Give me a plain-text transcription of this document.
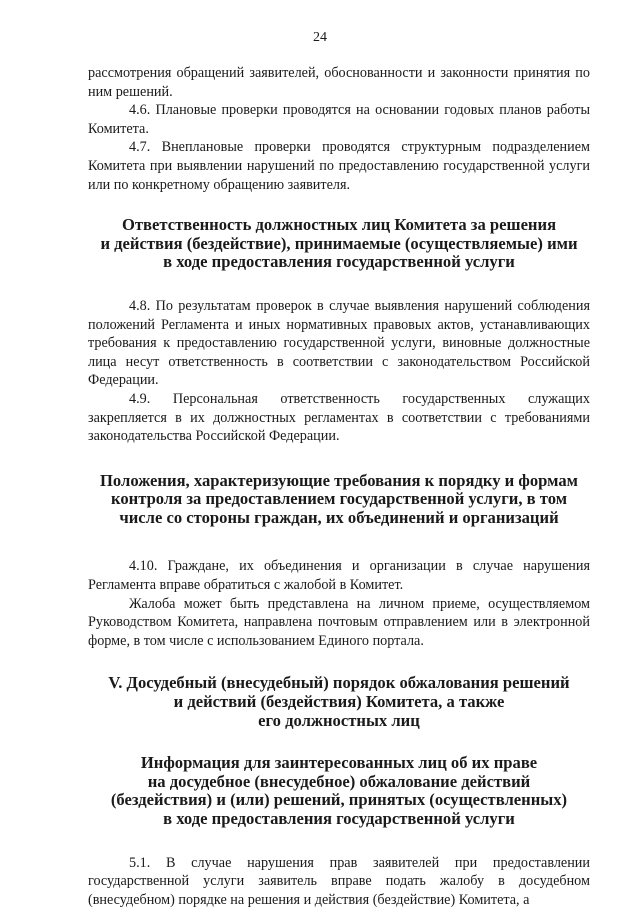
24

рассмотрения обращений заявителей, обоснованности и законности принятия по ним решений.

4.6. Плановые проверки проводятся на основании годовых планов работы Комитета.

4.7. Внеплановые проверки проводятся структурным подразделением Комитета при выявлении нарушений по предоставлению государственной услуги или по конкретному обращению заявителя.

Ответственность должностных лиц Комитета за решения
и действия (бездействие), принимаемые (осуществляемые) ими
в ходе предоставления государственной услуги

4.8. По результатам проверок в случае выявления нарушений соблюдения положений Регламента и иных нормативных правовых актов, устанавливающих требования к предоставлению государственной услуги, виновные должностные лица несут ответственность в соответствии с законодательством Российской Федерации.

4.9. Персональная ответственность государственных служащих закрепляется в их должностных регламентах в соответствии с требованиями законодательства Российской Федерации.

Положения, характеризующие требования к порядку и формам
контроля за предоставлением государственной услуги, в том
числе со стороны граждан, их объединений и организаций

4.10. Граждане, их объединения и организации в случае нарушения Регламента вправе обратиться с жалобой в Комитет.

Жалоба может быть представлена на личном приеме, осуществляемом Руководством Комитета, направлена почтовым отправлением или в электронной форме, в том числе с использованием Единого портала.

V. Досудебный (внесудебный) порядок обжалования решений
и действий (бездействия) Комитета, а также
его должностных лиц
Информация для заинтересованных лиц об их праве
на досудебное (внесудебное) обжалование действий
(бездействия) и (или) решений, принятых (осуществленных)
в ходе предоставления государственной услуги

5.1. В случае нарушения прав заявителей при предоставлении государственной услуги заявитель вправе подать жалобу в досудебном (внесудебном) порядке на решения и действия (бездействие) Комитета, а
